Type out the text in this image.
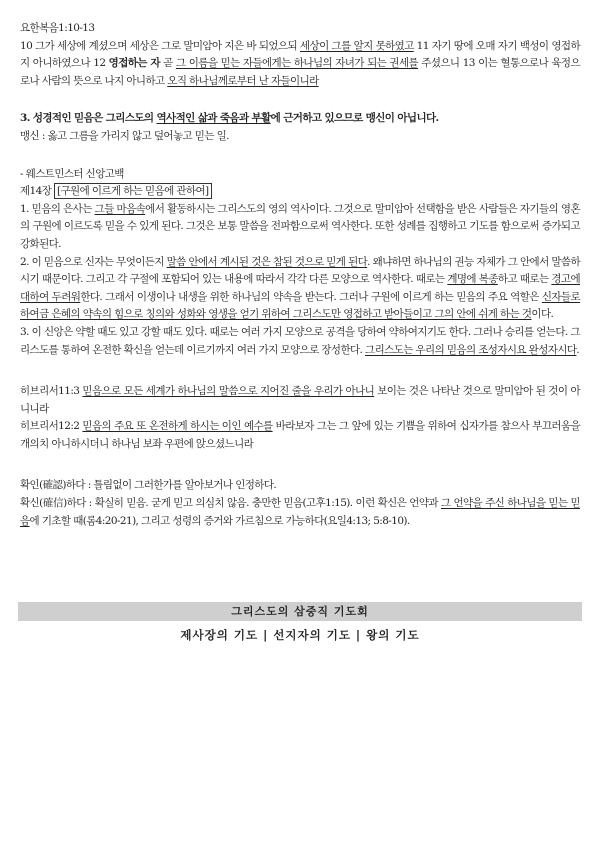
요한복음1:10-13

10 그가 세상에 계셨으며 세상은 그로 말미암아 지은 바 되었으되 세상이 그를 알지 못하였고 11 자기 땅에 오매 자기 백성이 영접하지 아니하였으나 12 영접하는 자 곧 그 이름을 믿는 자들에게는 하나님의 자녀가 되는 권세를 주셨으니 13 이는 혈통으로나 육정으로나 사람의 뜻으로 나지 아니하고 오직 하나님께로부터 난 자들이니라

3. 성경적인 믿음은 그리스도의 역사적인 삶과 죽음과 부활에 근거하고 있으므로 맹신이 아닙니다.

맹신 : 옳고 그름을 가리지 않고 덮어놓고 믿는 일.

- 웨스트민스터 신앙고백

제14장 [구원에 이르게 하는 믿음에 관하여]

1. 믿음의 은사는 그들 마음속에서 활동하시는 그리스도의 영의 역사이다. 그것으로 말미암아 선택함을 받은 사람들은 자기들의 영혼의 구원에 이르도록 믿을 수 있게 된다. 그것은 보통 말씀을 전파함으로써 역사한다. 또한 성례를 집행하고 기도를 함으로써 증가되고 강화된다.

2. 이 믿음으로 신자는 무엇이든지 말씀 안에서 계시된 것은 참된 것으로 믿게 된다. 왜냐하면 하나님의 권능 자체가 그 안에서 말씀하시기 때문이다. 그리고 각 구절에 포함되어 있는 내용에 따라서 각각 다른 모양으로 역사한다. 때로는 계명에 복종하고 때로는 경고에 대하여 두려워한다. 그래서 이생이나 내생을 위한 하나님의 약속을 받는다. 그러나 구원에 이르게 하는 믿음의 주요 역할은 신자들로 하여금 은혜의 약속의 힘으로 칭의와 성화와 영생을 얻기 위하여 그리스도만 영접하고 받아들이고 그의 안에 쉬게 하는 것이다.

3. 이 신앙은 약할 때도 있고 강할 때도 있다. 때로는 여러 가지 모양으로 공격을 당하여 약하여지기도 한다. 그러나 승리를 얻는다. 그리스도를 통하여 온전한 확신을 얻는데 이르기까지 여러 가지 모양으로 장성한다. 그리스도는 우리의 믿음의 조성자시요 완성자시다.

히브리서11:3 믿음으로 모든 세계가 하나님의 말씀으로 지어진 줄을 우리가 아나니 보이는 것은 나타난 것으로 말미암아 된 것이 아니니라

히브리서12:2 믿음의 주요 또 온전하게 하시는 이인 예수를 바라보자 그는 그 앞에 있는 기쁨을 위하여 십자가를 참으사 부끄러움을 개의치 아니하시더니 하나님 보좌 우편에 앉으셨느니라

확인(確認)하다 : 틀림없이 그러한가를 알아보거나 인정하다.

확신(確信)하다 : 확실히 믿음. 굳게 믿고 의심치 않음. 충만한 믿음(고후1:15). 이런 확신은 언약과 그 언약을 주신 하나님을 믿는 믿음에 기초할 때(롬4:20-21), 그리고 성령의 증거와 가르침으로 가능하다(요일4:13; 5:8-10).

그리스도의 삼중직 기도회
제사장의 기도 | 선지자의 기도 | 왕의 기도
